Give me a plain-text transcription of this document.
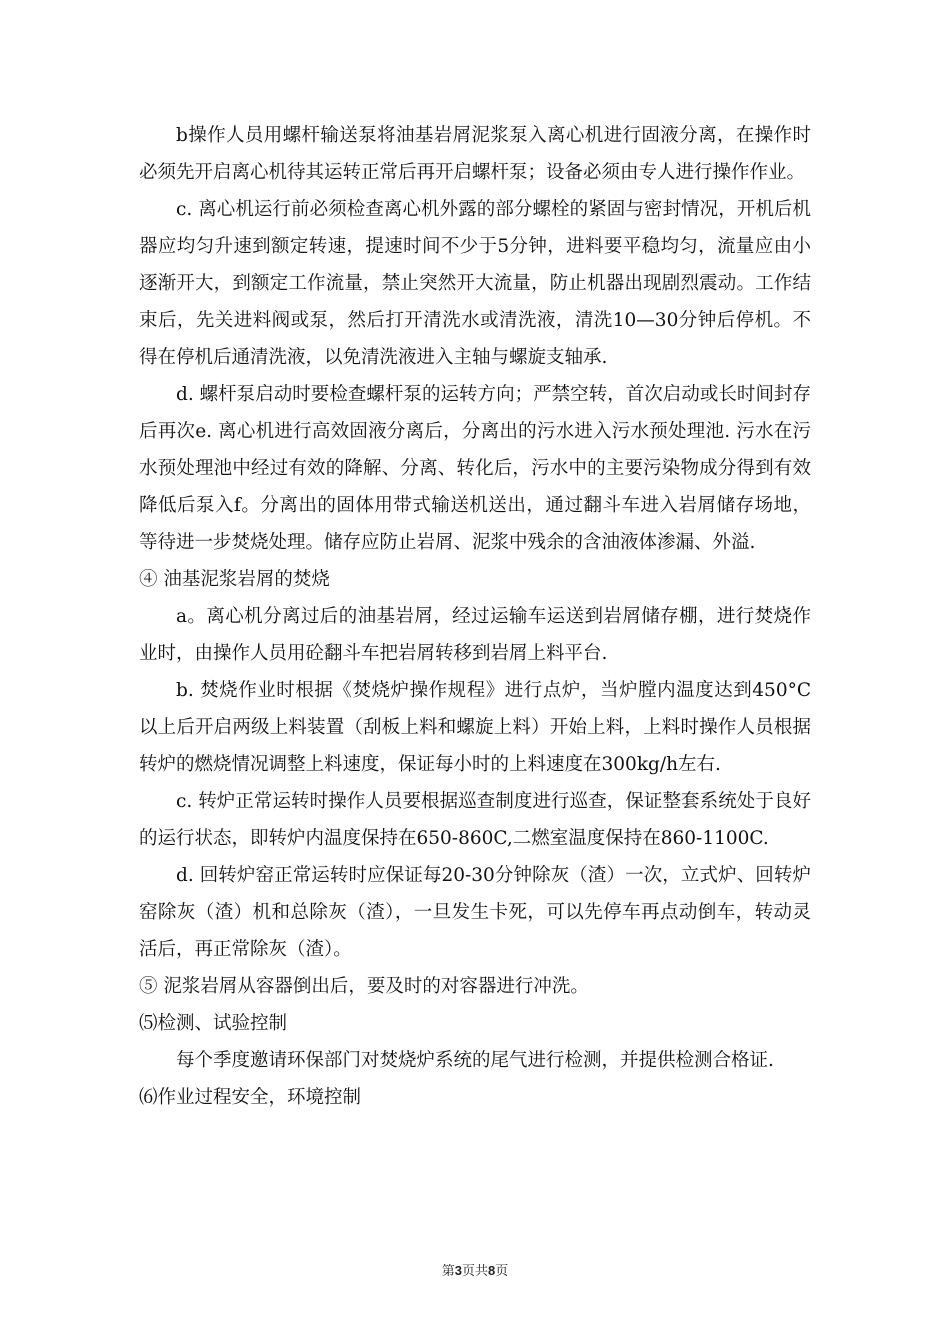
b操作人员用螺杆输送泵将油基岩屑泥浆泵入离心机进行固液分离，在操作时必须先开启离心机待其运转正常后再开启螺杆泵；设备必须由专人进行操作作业。

c. 离心机运行前必须检查离心机外露的部分螺栓的紧固与密封情况，开机后机器应均匀升速到额定转速，提速时间不少于5分钟，进料要平稳均匀，流量应由小逐渐开大，到额定工作流量，禁止突然开大流量，防止机器出现剧烈震动。工作结束后，先关进料阀或泵，然后打开清洗水或清洗液，清洗10—30分钟后停机。不得在停机后通清洗液，以免清洗液进入主轴与螺旋支轴承.

d. 螺杆泵启动时要检查螺杆泵的运转方向；严禁空转，首次启动或长时间封存后再次e. 离心机进行高效固液分离后，分离出的污水进入污水预处理池. 污水在污水预处理池中经过有效的降解、分离、转化后，污水中的主要污染物成分得到有效降低后泵入f。分离出的固体用带式输送机送出，通过翻斗车进入岩屑储存场地，等待进一步焚烧处理。储存应防止岩屑、泥浆中残余的含油液体渗漏、外溢.

④ 油基泥浆岩屑的焚烧

a。离心机分离过后的油基岩屑，经过运输车运送到岩屑储存棚，进行焚烧作业时，由操作人员用砼翻斗车把岩屑转移到岩屑上料平台.

b. 焚烧作业时根据《焚烧炉操作规程》进行点炉，当炉膛内温度达到450°C以上后开启两级上料装置（刮板上料和螺旋上料）开始上料，上料时操作人员根据转炉的燃烧情况调整上料速度，保证每小时的上料速度在300kg/h左右.

c. 转炉正常运转时操作人员要根据巡查制度进行巡查，保证整套系统处于良好的运行状态，即转炉内温度保持在650-860C,二燃室温度保持在860-1100C.

d. 回转炉窑正常运转时应保证每20-30分钟除灰（渣）一次，立式炉、回转炉窑除灰（渣）机和总除灰（渣），一旦发生卡死，可以先停车再点动倒车，转动灵活后，再正常除灰（渣）。

⑤ 泥浆岩屑从容器倒出后，要及时的对容器进行冲洗。

⑸检测、试验控制

每个季度邀请环保部门对焚烧炉系统的尾气进行检测，并提供检测合格证.

⑹作业过程安全，环境控制

第3页共8页
